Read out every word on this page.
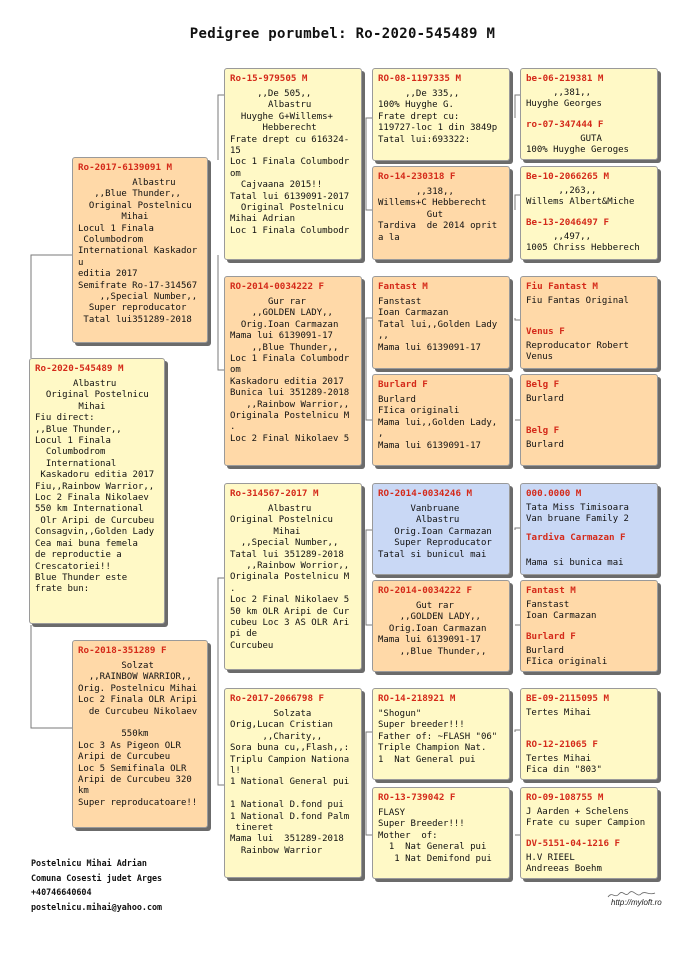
Pedigree porumbel: Ro-2020-545489 M
Ro-2020-545489 M
Albastru
Original Postelnicu
Mihai
Fiu direct:
,,Blue Thunder,,
Locul 1 Finala
Columbodrom
International
Kaskadoru editia 2017
Fiu,,Rainbow Warrior,,
Loc 2 Finala Nikolaev
550 km International
Olr Aripi de Curcubeu
Consagvin,,Golden Lady
Cea mai buna femela
de reproductie a
Crescatoriei!!
Blue Thunder este
frate bun:
Ro-2017-6139091 M
Albastru
,,Blue Thunder,,
Original Postelnicu
Mihai
Locul 1 Finala
Columbodrom
International Kaskador
u
editia 2017
Semifrate Ro-17-314567
,,Special Number,,
Super reproducator
Tatal lui351289-2018
Ro-2018-351289 F
Solzat
,,RAINBOW WARRIOR,,
Orig. Postelnicu Mihai
Loc 2 Finala OLR Aripi
de Curcubeu Nikolaev

550km
Loc 3 As Pigeon OLR
Aripi de Curcubeu
Loc 5 Semifinala OLR
Aripi de Curcubeu 320
km
Super reproducatoare!!
Ro-15-979505 M
,,De 505,,
Albastru
Huyghe G+Willems+
Hebberecht
Frate drept cu 616324-
15
Loc 1 Finala Columbodr
om
Cajvaana 2015!!
Tatal lui 6139091-2017
Original Postelnicu
Mihai Adrian
Loc 1 Finala Columbodr
RO-2014-0034222 F
Gur rar
,,GOLDEN LADY,,
Orig.Ioan Carmazan
Mama lui 6139091-17
,,Blue Thunder,,
Loc 1 Finala Columbodr
om
Kaskadoru editia 2017
Bunica lui 351289-2018
,,Rainbow Warrior,,
Originala Postelnicu M
.
Loc 2 Final Nikolaev 5
Ro-314567-2017 M
Albastru
Original Postelnicu
Mihai
,,Special Number,,
Tatal lui 351289-2018
,,Rainbow Worrior,,
Originala Postelnicu M
.
Loc 2 Final Nikolaev 5
50 km OLR Aripi de Cur
cubeu Loc 3 AS OLR Ari
pi de
Curcubeu
Ro-2017-2066798 F
Solzata
Orig,Lucan Cristian
,,Charity,,
Sora buna cu,,Flash,,:
Triplu Campion Nationa
l!
1 National General pui

1 National D.fond pui
1 National D.fond Palm
tineret
Mama lui  351289-2018
Rainbow Warrior
RO-08-1197335 M
,,De 335,,
100% Huyghe G.
Frate drept cu:
119727-loc 1 din 3849p
Tatal lui:693322:
Ro-14-230318 F
,,318,,
Willems+C Hebberecht
Gut
Tardiva  de 2014 oprit
a la
Fantast M
Fanstast
Ioan Carmazan
Tatal lui,,Golden Lady
,,
Mama lui 6139091-17
Burlard F
Burlard
FIica originali
Mama lui,,Golden Lady,
,
Mama lui 6139091-17
RO-2014-0034246 M
Vanbruane
Albastru
Orig.Ioan Carmazan
Super Reproducator
Tatal si bunicul mai
RO-2014-0034222 F
Gut rar
,,GOLDEN LADY,,
Orig.Ioan Carmazan
Mama lui 6139091-17
,,Blue Thunder,,
RO-14-218921 M
"Shogun"
Super breeder!!!
Father of: ~FLASH "06"
Triple Champion Nat.
1  Nat General pui
RO-13-739042 F
FLASY
Super Breeder!!!
Mother  of:
1  Nat General pui
1 Nat Demifond pui
be-06-219381 M
,,381,,
Huyghe Georges
ro-07-347444 F
GUTA
100% Huyghe Geroges
Be-10-2066265 M
,,263,,
Willems Albert&Miche
Be-13-2046497 F
,,497,,
1005 Chriss Hebberech
Fiu Fantast M
Fiu Fantas Original
Venus F
Reproducator Robert
Venus
Belg F
Burlard
Belg F
Burlard
000.0000 M
Tata Miss Timisoara
Van bruane Family 2
Tardiva Carmazan F

Mama si bunica mai
Fantast M
Fanstast
Ioan Carmazan
Burlard F
Burlard
FIica originali
BE-09-2115095 M
Tertes Mihai
RO-12-21065 F
Tertes Mihai
Fica din "803"
RO-09-108755 M
J Aarden + Schelens
Frate cu super Campion
DV-5151-04-1216 F
H.V RIEEL
Andreeas Boehm
Postelnicu Mihai Adrian
Comuna Cosesti judet Arges
+40746640604
postelnicu.mihai@yahoo.com	http://myloft.ro
